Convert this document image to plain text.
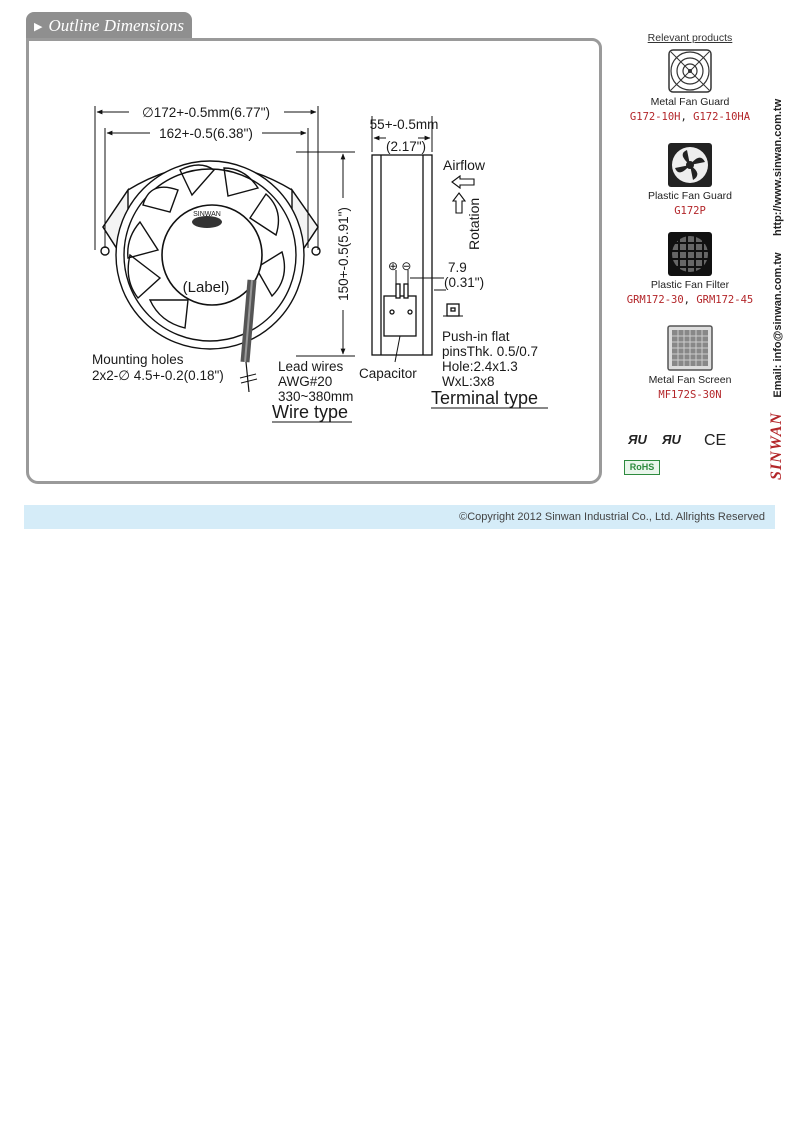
▶ Outline Dimensions
SINWAN
(Label)
∅172+-0.5mm(6.77")
162+-0.5(6.38")
150+-0.5(5.91")
Mounting holes
2x2-∅ 4.5+-0.2(0.18")
Lead wires
AWG#20
330~380mm
Wire type
55+-0.5mm
(2.17")
Airflow
Rotation
⊕ ⊖	7.9
(0.31")
Capacitor
Push-in flat
pinsThk. 0.5/0.7
Hole:2.4x1.3
WxL:3x8
Terminal type
Relevant products
Metal Fan Guard
G172-10H, G172-10HA
Plastic Fan Guard
G172P
Plastic Fan Filter
GRM172-30, GRM172-45
Metal Fan Screen
MF172S-30N
ЯU ЯU CE
RoHS	SINWAN Email: info@sinwan.com.tw http://www.sinwan.com.tw
©Copyright 2012 Sinwan Industrial Co., Ltd. Allrights Reserved
